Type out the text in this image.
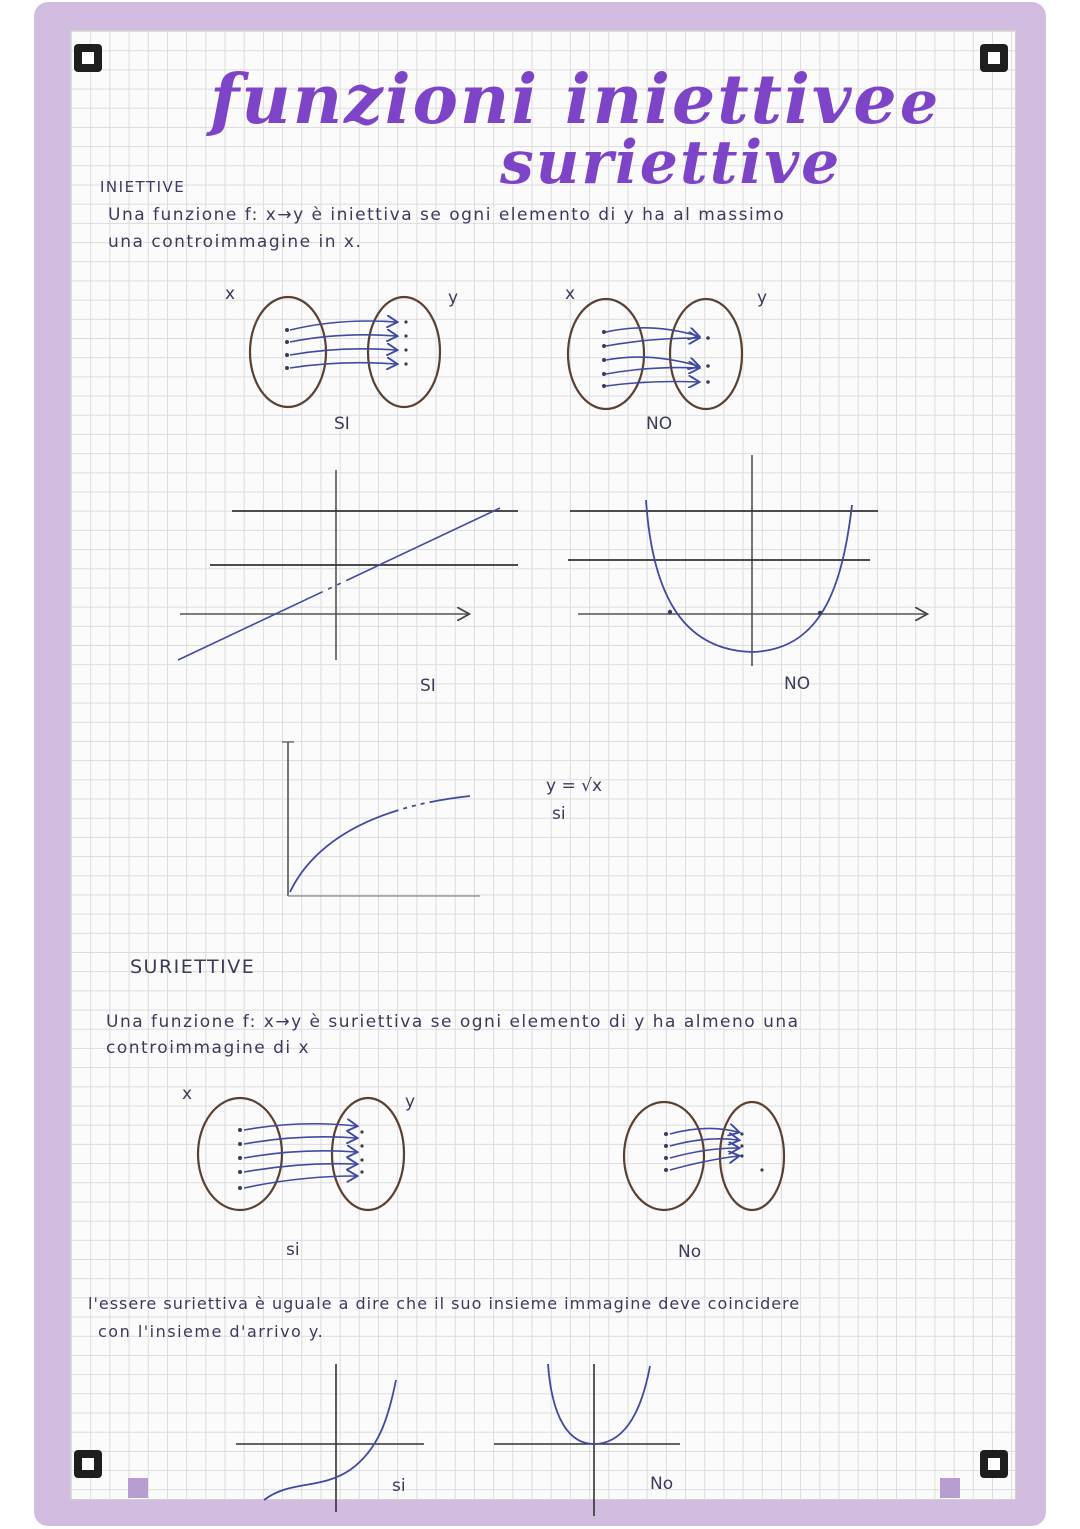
funzioni iniettive e
suriettive
INIETTIVE
Una funzione f: x→y è iniettiva se ogni elemento di y ha al massimo
una controimmagine in x.
x	y
SI
x	y
NO
SI	NO
y = √x
si
SURIETTIVE
Una funzione f: x→y è suriettiva se ogni elemento di y ha almeno una
controimmagine di x
x	y
si	No
l'essere suriettiva è uguale a dire che il suo insieme immagine deve coincidere
con l'insieme d'arrivo y.
si	No
